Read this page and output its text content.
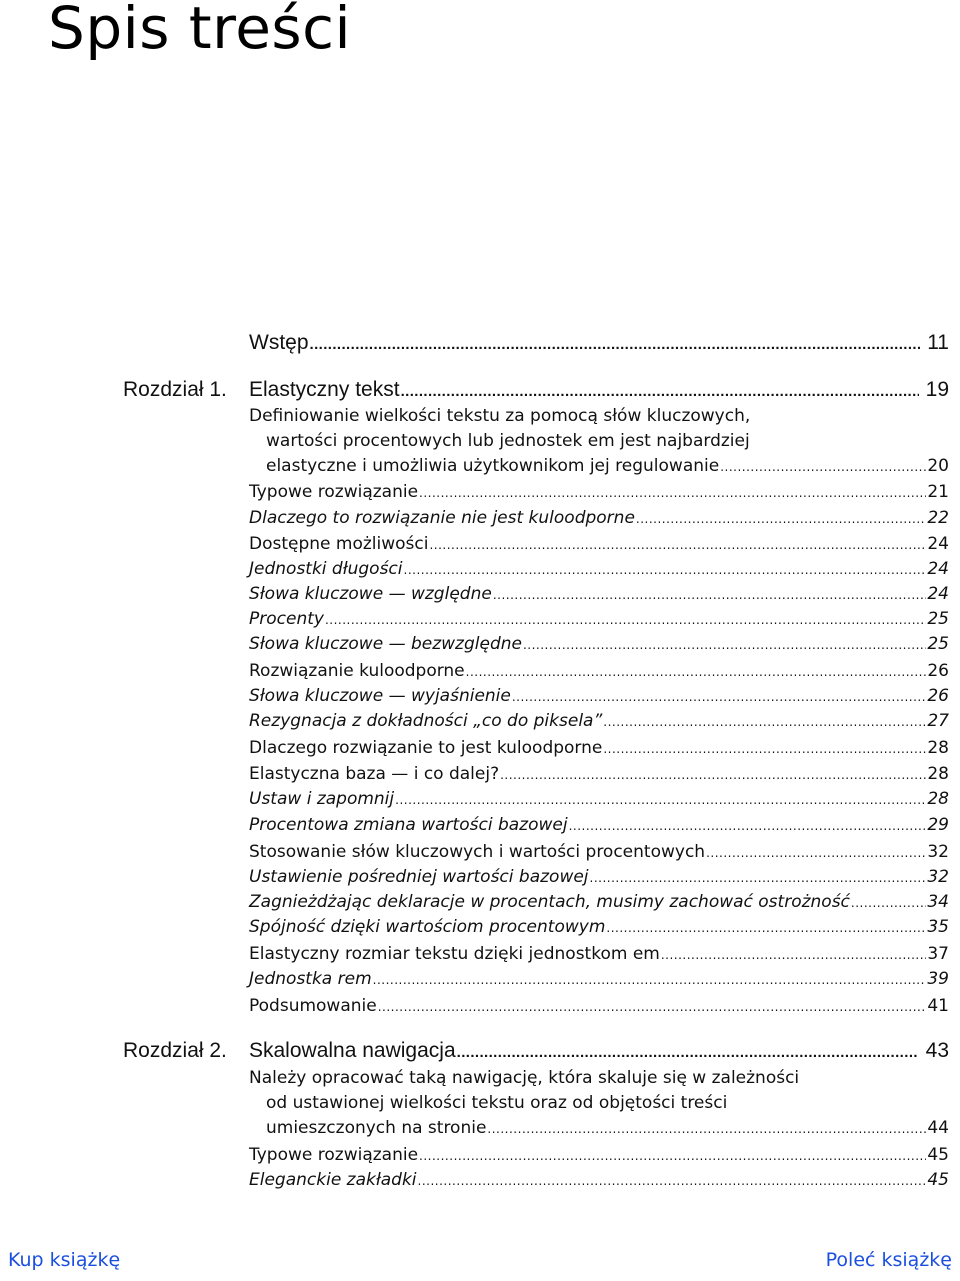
Spis treści
Wstęp .....	11
Rozdział 1. Elastyczny tekst .....	19
Definiowanie wielkości tekstu za pomocą słów kluczowych,
wartości procentowych lub jednostek em jest najbardziej
elastyczne i umożliwia użytkownikom jej regulowanie .....	20
Typowe rozwiązanie .....	21
Dlaczego to rozwiązanie nie jest kuloodporne .....	22
Dostępne możliwości .....	24
Jednostki długości .....	24
Słowa kluczowe — względne .....	24
Procenty .....	25
Słowa kluczowe — bezwzględne .....	25
Rozwiązanie kuloodporne .....	26
Słowa kluczowe — wyjaśnienie .....	26
Rezygnacja z dokładności „co do piksela” .....	27
Dlaczego rozwiązanie to jest kuloodporne .....	28
Elastyczna baza — i co dalej? .....	28
Ustaw i zapomnij .....	28
Procentowa zmiana wartości bazowej .....	29
Stosowanie słów kluczowych i wartości procentowych .....	32
Ustawienie pośredniej wartości bazowej .....	32
Zagnieżdżając deklaracje w procentach, musimy zachować ostrożność .....	34
Spójność dzięki wartościom procentowym .....	35
Elastyczny rozmiar tekstu dzięki jednostkom em .....	37
Jednostka rem .....	39
Podsumowanie .....	41
Rozdział 2. Skalowalna nawigacja .....	43
Należy opracować taką nawigację, która skaluje się w zależności
od ustawionej wielkości tekstu oraz od objętości treści
umieszczonych na stronie .....	44
Typowe rozwiązanie .....	45
Eleganckie zakładki .....	45
Kup książkę	Poleć książkę
